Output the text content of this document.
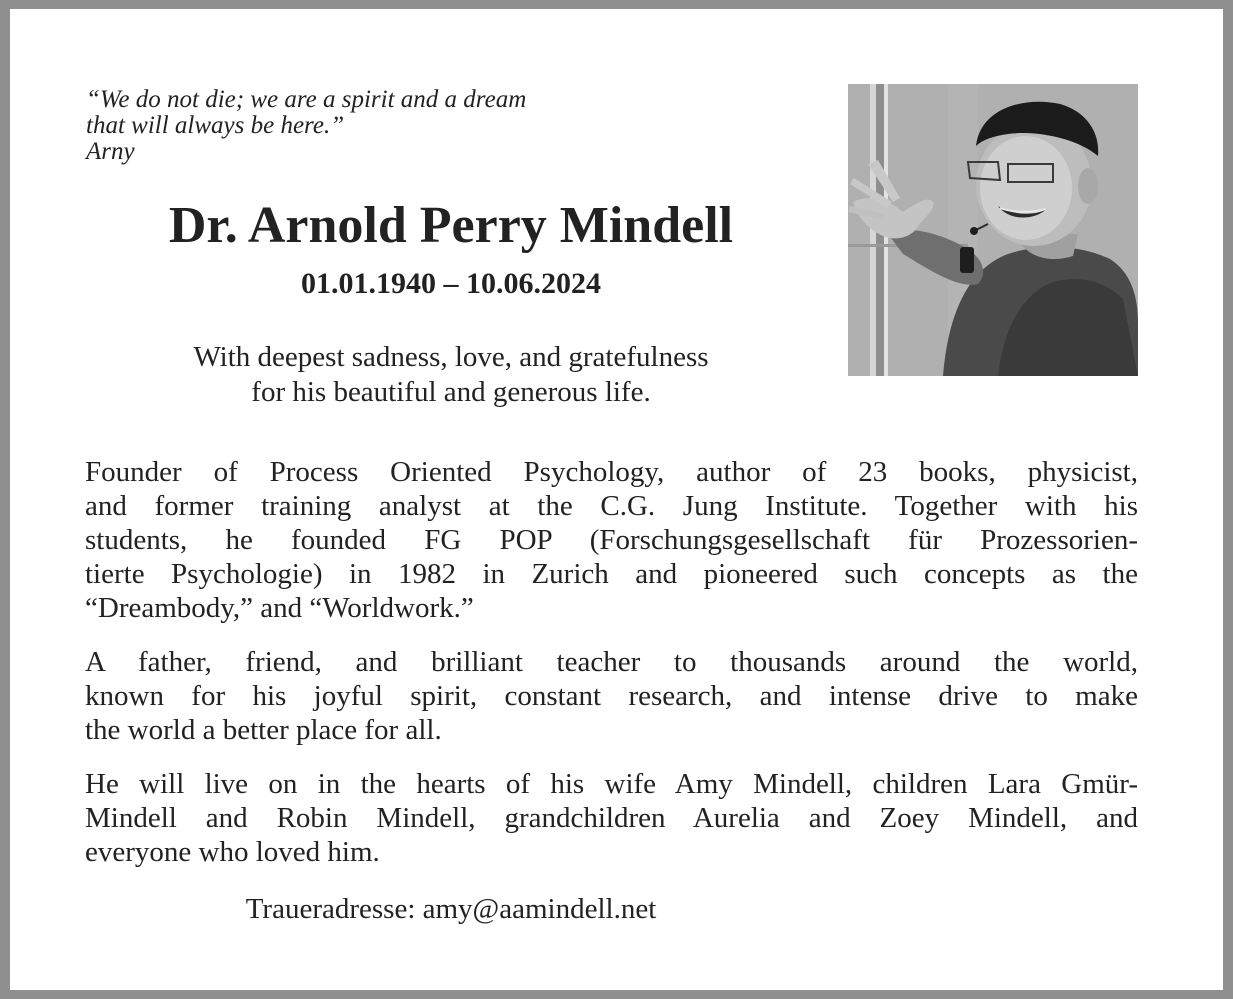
“We do not die; we are a spirit and a dream
that will always be here.”
Arny
Dr. Arnold Perry Mindell
01.01.1940 – 10.06.2024
With deepest sadness, love, and gratefulness
for his beautiful and generous life.

Founder of Process Oriented Psychology, author of 23 books, physicist,
and former training analyst at the C.G. Jung Institute. Together with his
students, he founded FG POP (Forschungsgesellschaft für Prozessorien-
tierte Psychologie) in 1982 in Zurich and pioneered such concepts as the
“Dreambody,” and “Worldwork.”

A father, friend, and brilliant teacher to thousands around the world,
known for his joyful spirit, constant research, and intense drive to make
the world a better place for all.

He will live on in the hearts of his wife Amy Mindell, children Lara Gmür-
Mindell and Robin Mindell, grandchildren Aurelia and Zoey Mindell, and
everyone who loved him.

Traueradresse: amy@aamindell.net
